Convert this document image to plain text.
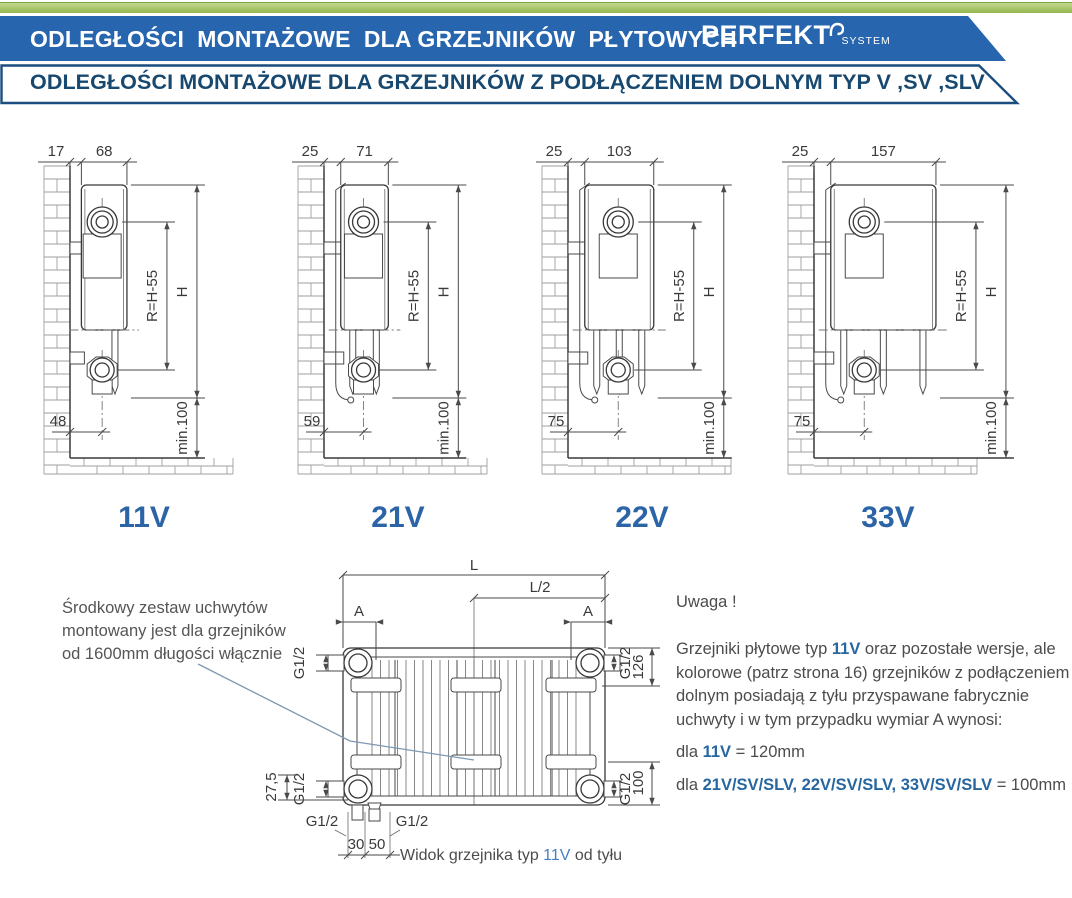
ODLEGŁOŚCI  MONTAŻOWE  DLA GRZEJNIKÓW  PŁYTOWYCH
PERFEKT SYSTEM
ODLEGŁOŚCI MONTAŻOWE DLA GRZEJNIKÓW Z PODŁĄCZENIEM DOLNYM TYP V ,SV ,SLV
17 68
H
R=H-55
min.100
48
11V
25	71
H
R=H-55
min.100
59
21V
25	103
H
R=H-55
min.100
75
22V
25	157
H
R=H-55
min.100
75
33V
Środkowy zestaw uchwytów
montowany jest dla grzejników
od 1600mm długości włącznie
L
L/2
A	A
G1/2	G1/2
126
G1/2
27,5	G1/2
100
30 50
G1/2	G1/2
Widok grzejnika typ 11V od tyłu
Uwaga !
Grzejniki płytowe typ 11V oraz pozostałe wersje, ale kolorowe (patrz strona 16) grzejników z podłączeniem dolnym posiadają z tyłu przyspawane fabrycznie uchwyty i w tym przypadku wymiar A wynosi:
dla 11V = 120mm
dla 21V/SV/SLV, 22V/SV/SLV, 33V/SV/SLV = 100mm
